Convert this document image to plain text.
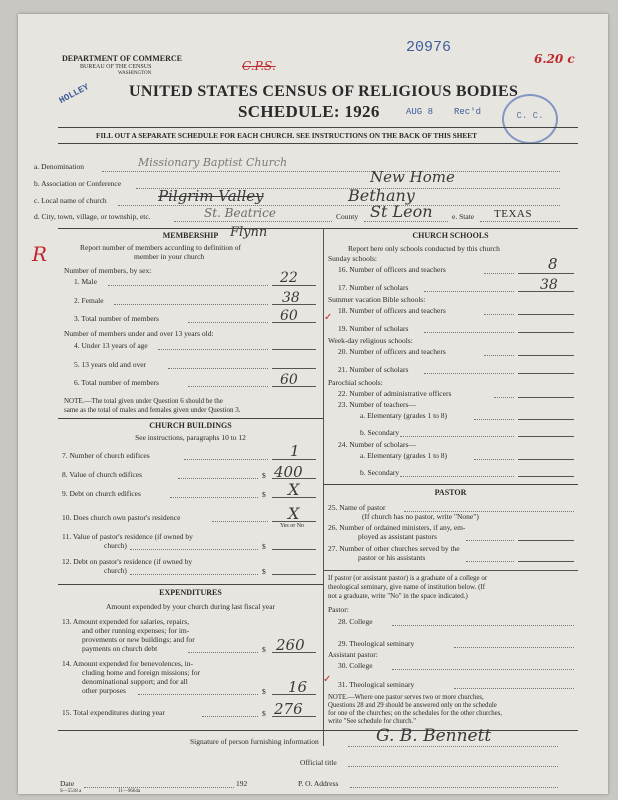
DEPARTMENT OF COMMERCE
BUREAU OF THE CENSUS
WASHINGTON
C.P.S.
20976
6.20 c
HOLLEY UNITED STATES CENSUS OF RELIGIOUS BODIES
SCHEDULE: 1926	AUG 8 Rec'd	C. C.
FILL OUT A SEPARATE SCHEDULE FOR EACH CHURCH. SEE INSTRUCTIONS ON THE BACK OF THIS SHEET
R
a. Denomination	Missionary Baptist Church
b. Association or Conference	New Home
c. Local name of church	Pilgrim Valley	Bethany
d. City, town, village, or township, etc.	St. Beatrice	County St Leon	e. State TEXAS
MEMBERSHIP Flynn
Report number of members according to definition of
member in your church
Number of members, by sex:
1. Male	22
2. Female	38
3. Total number of members	60
Number of members under and over 13 years old:
4. Under 13 years of age
5. 13 years old and over
6. Total number of members	60
NOTE.—The total given under Question 6 should be the
same as the total of males and females given under Question 3.
CHURCH BUILDINGS
See instructions, paragraphs 10 to 12
7. Number of church edifices	1
8. Value of church edifices	$ 400
9. Debt on church edifices	$ X
10. Does church own pastor's residence	X
Yes or No
11. Value of pastor's residence (if owned by
church)	$
12. Debt on pastor's residence (if owned by
church)	$
EXPENDITURES
Amount expended by your church during last fiscal year
13. Amount expended for salaries, repairs,
and other running expenses; for im-
provements or new buildings; and for
payments on church debt	$ 260
14. Amount expended for benevolences, in-
cluding home and foreign missions; for
denominational support; and for all
other purposes	$ 16
15. Total expenditures during year	$ 276
CHURCH SCHOOLS
Report here only schools conducted by this church
Sunday schools:
16. Number of officers and teachers	8
17. Number of scholars	38
Summer vacation Bible schools:
18. Number of officers and teachers
19. Number of scholars
Week-day religious schools:
20. Number of officers and teachers
21. Number of scholars
Parochial schools:
22. Number of administrative officers
23. Number of teachers—
a. Elementary (grades 1 to 8)
b. Secondary
24. Number of scholars—
a. Elementary (grades 1 to 8)
b. Secondary
✓
PASTOR
25. Name of pastor
(If church has no pastor, write "None")
26. Number of ordained ministers, if any, em-
ployed as assistant pastors
27. Number of other churches served by the
pastor or his assistants
If pastor (or assistant pastor) is a graduate of a college or
theological seminary, give name of institution below. (If
not a graduate, write "No" in the space indicated.)
Pastor:
28. College
29. Theological seminary
Assistant pastor:
30. College
31. Theological seminary
✓
NOTE.—Where one pastor serves two or more churches,
Questions 28 and 29 should be answered only on the schedule
for one of the churches; on the schedules for the other churches,
write "See schedule for church."
Signature of person furnishing information	G. B. Bennett
Official title
Date	192	P. O. Address
S—5518 a	11—9664a
